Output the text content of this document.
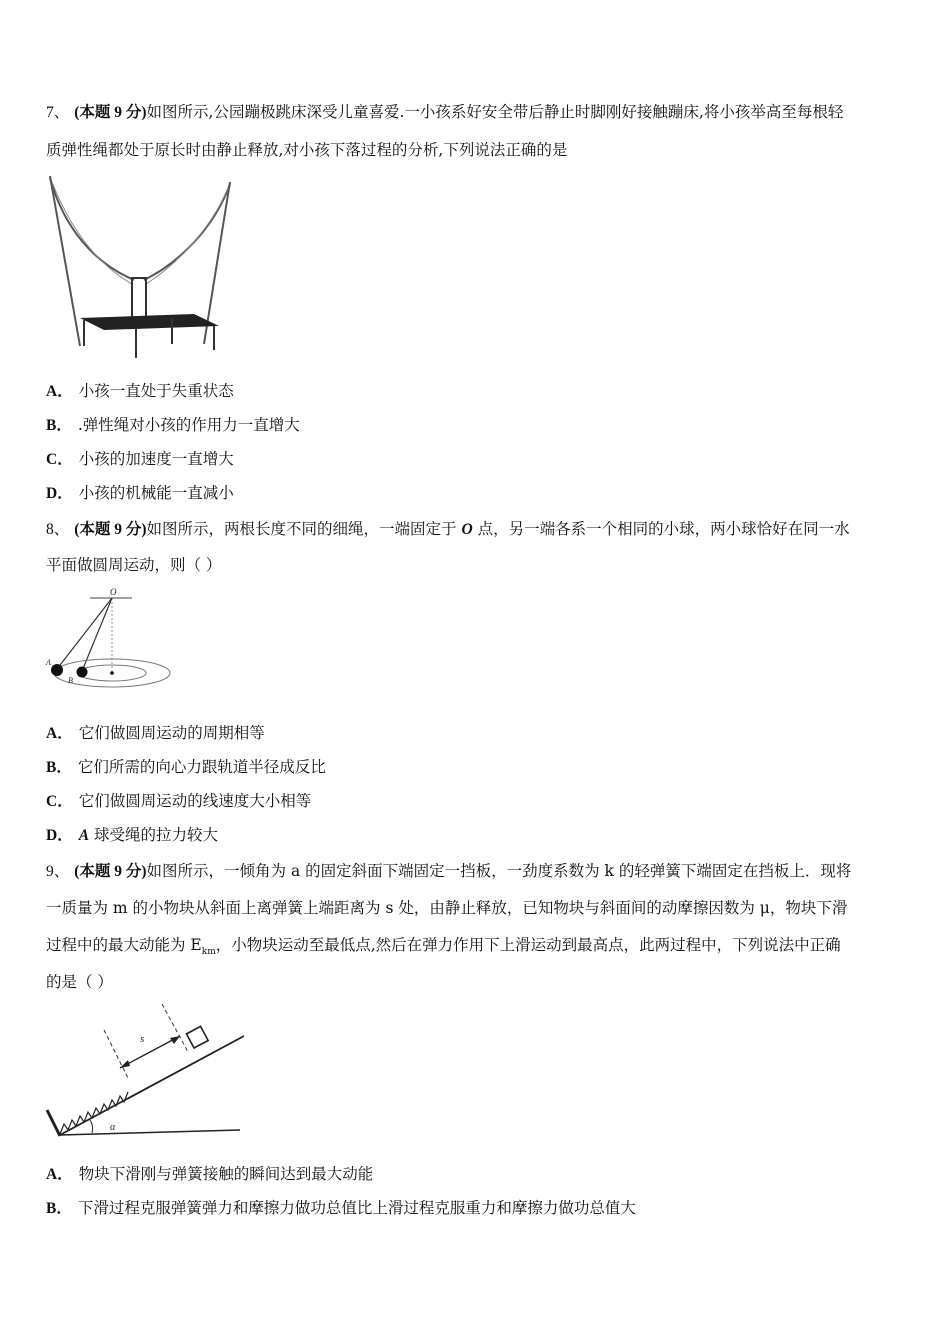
7、 (本题 9 分)如图所示,公园蹦极跳床深受儿童喜爱.一小孩系好安全带后静止时脚刚好接触蹦床,将小孩举高至每根轻
质弹性绳都处于原长时由静止释放,对小孩下落过程的分析,下列说法正确的是
A． 小孩一直处于失重状态
B． .弹性绳对小孩的作用力一直增大
C． 小孩的加速度一直增大
D． 小孩的机械能一直减小
8、 (本题 9 分)如图所示，两根长度不同的细绳，一端固定于 O 点，另一端各系一个相同的小球，两小球恰好在同一水
平面做圆周运动，则（ ）
O
A
B
A． 它们做圆周运动的周期相等
B． 它们所需的向心力跟轨道半径成反比
C． 它们做圆周运动的线速度大小相等
D． A 球受绳的拉力较大
9、 (本题 9 分)如图所示，一倾角为 a 的固定斜面下端固定一挡板，一劲度系数为 k 的轻弹簧下端固定在挡板上．现将
一质量为 m 的小物块从斜面上离弹簧上端距离为 s 处，由静止释放，已知物块与斜面间的动摩擦因数为 μ，物块下滑
过程中的最大动能为 $E_{km}$，小物块运动至最低点,然后在弹力作用下上滑运动到最高点，此两过程中，下列说法中正确
的是（ ）
s
α
A． 物块下滑刚与弹簧接触的瞬间达到最大动能
B． 下滑过程克服弹簧弹力和摩擦力做功总值比上滑过程克服重力和摩擦力做功总值大
